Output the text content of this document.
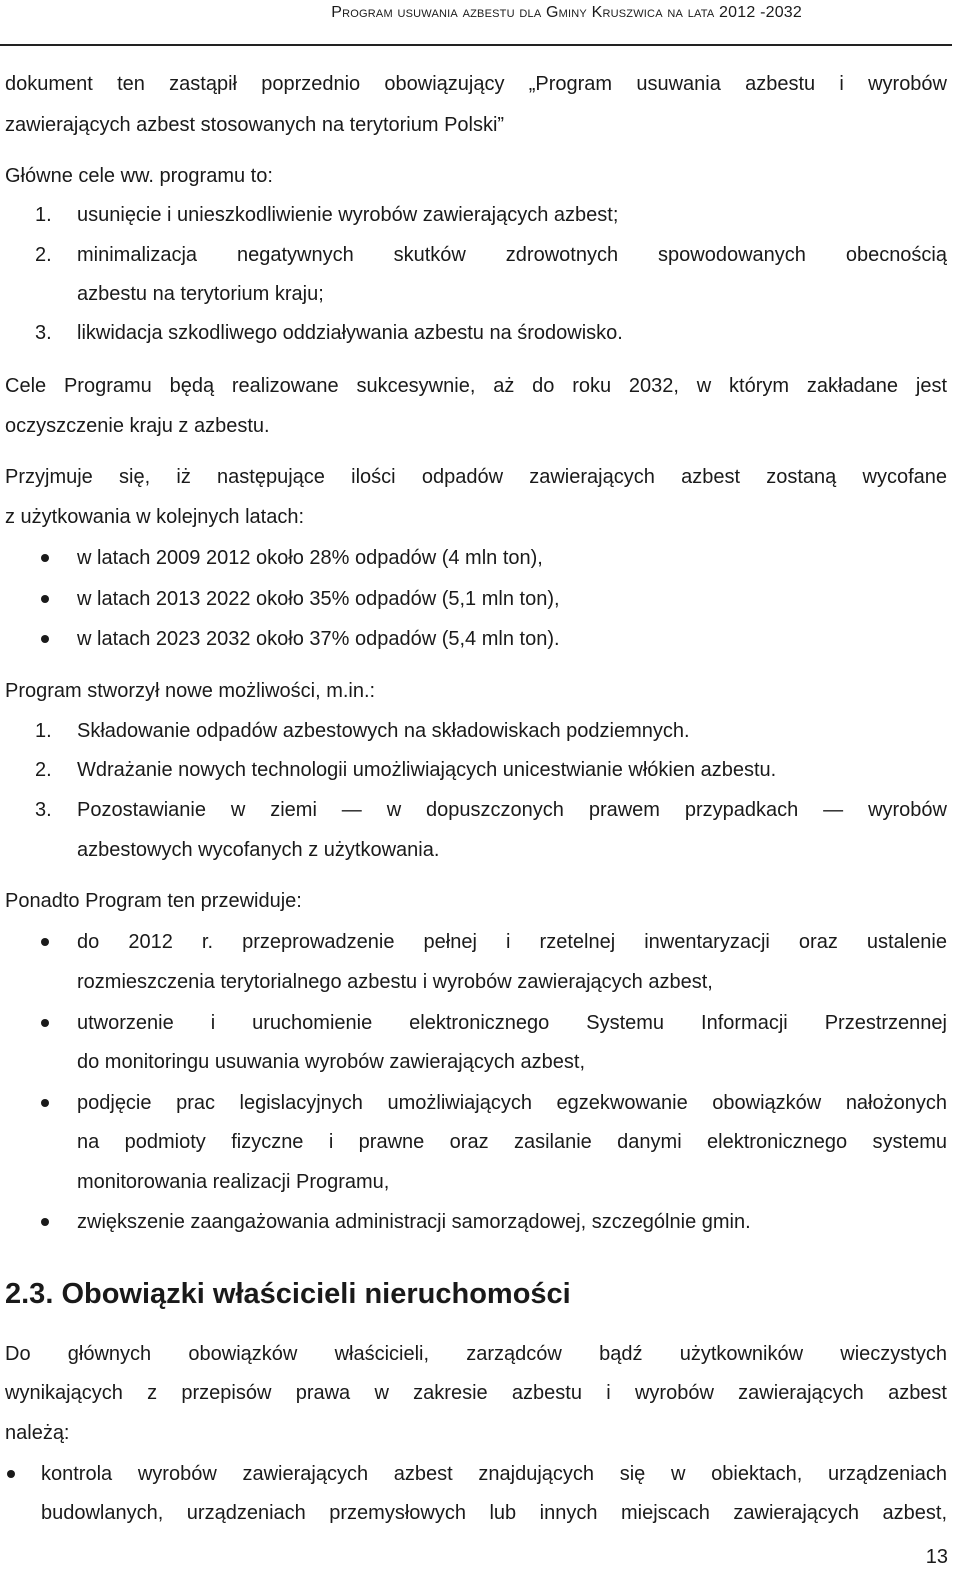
Program usuwania azbestu dla Gminy Kruszwica na lata 2012 -2032
dokument ten zastąpił poprzednio obowiązujący „Program usuwania azbestu i wyrobów
zawierających azbest stosowanych na terytorium Polski”
Główne cele ww. programu to:
1. usunięcie i unieszkodliwienie wyrobów zawierających azbest;
2. minimalizacja negatywnych skutków zdrowotnych spowodowanych obecnością
azbestu na terytorium kraju;
3. likwidacja szkodliwego oddziaływania azbestu na środowisko.
Cele Programu będą realizowane sukcesywnie, aż do roku 2032, w którym zakładane jest
oczyszczenie kraju z azbestu.
Przyjmuje się, iż następujące ilości odpadów zawierających azbest zostaną wycofane
z użytkowania w kolejnych latach:
w latach 2009 2012 około 28% odpadów (4 mln ton),
w latach 2013 2022 około 35% odpadów (5,1 mln ton),
w latach 2023 2032 około 37% odpadów (5,4 mln ton).
Program stworzył nowe możliwości, m.in.:
1. Składowanie odpadów azbestowych na składowiskach podziemnych.
2. Wdrażanie nowych technologii umożliwiających unicestwianie włókien azbestu.
3. Pozostawianie w ziemi — w dopuszczonych prawem przypadkach — wyrobów
azbestowych wycofanych z użytkowania.
Ponadto Program ten przewiduje:
do 2012 r. przeprowadzenie pełnej i rzetelnej inwentaryzacji oraz ustalenie
rozmieszczenia terytorialnego azbestu i wyrobów zawierających azbest,
utworzenie i uruchomienie elektronicznego Systemu Informacji Przestrzennej
do monitoringu usuwania wyrobów zawierających azbest,
podjęcie prac legislacyjnych umożliwiających egzekwowanie obowiązków nałożonych
na podmioty fizyczne i prawne oraz zasilanie danymi elektronicznego systemu
monitorowania realizacji Programu,
zwiększenie zaangażowania administracji samorządowej, szczególnie gmin.
2.3. Obowiązki właścicieli nieruchomości
Do głównych obowiązków właścicieli, zarządców bądź użytkowników wieczystych
wynikających z przepisów prawa w zakresie azbestu i wyrobów zawierających azbest
należą:
kontrola wyrobów zawierających azbest znajdujących się w obiektach, urządzeniach
budowlanych, urządzeniach przemysłowych lub innych miejscach zawierających azbest,
13
